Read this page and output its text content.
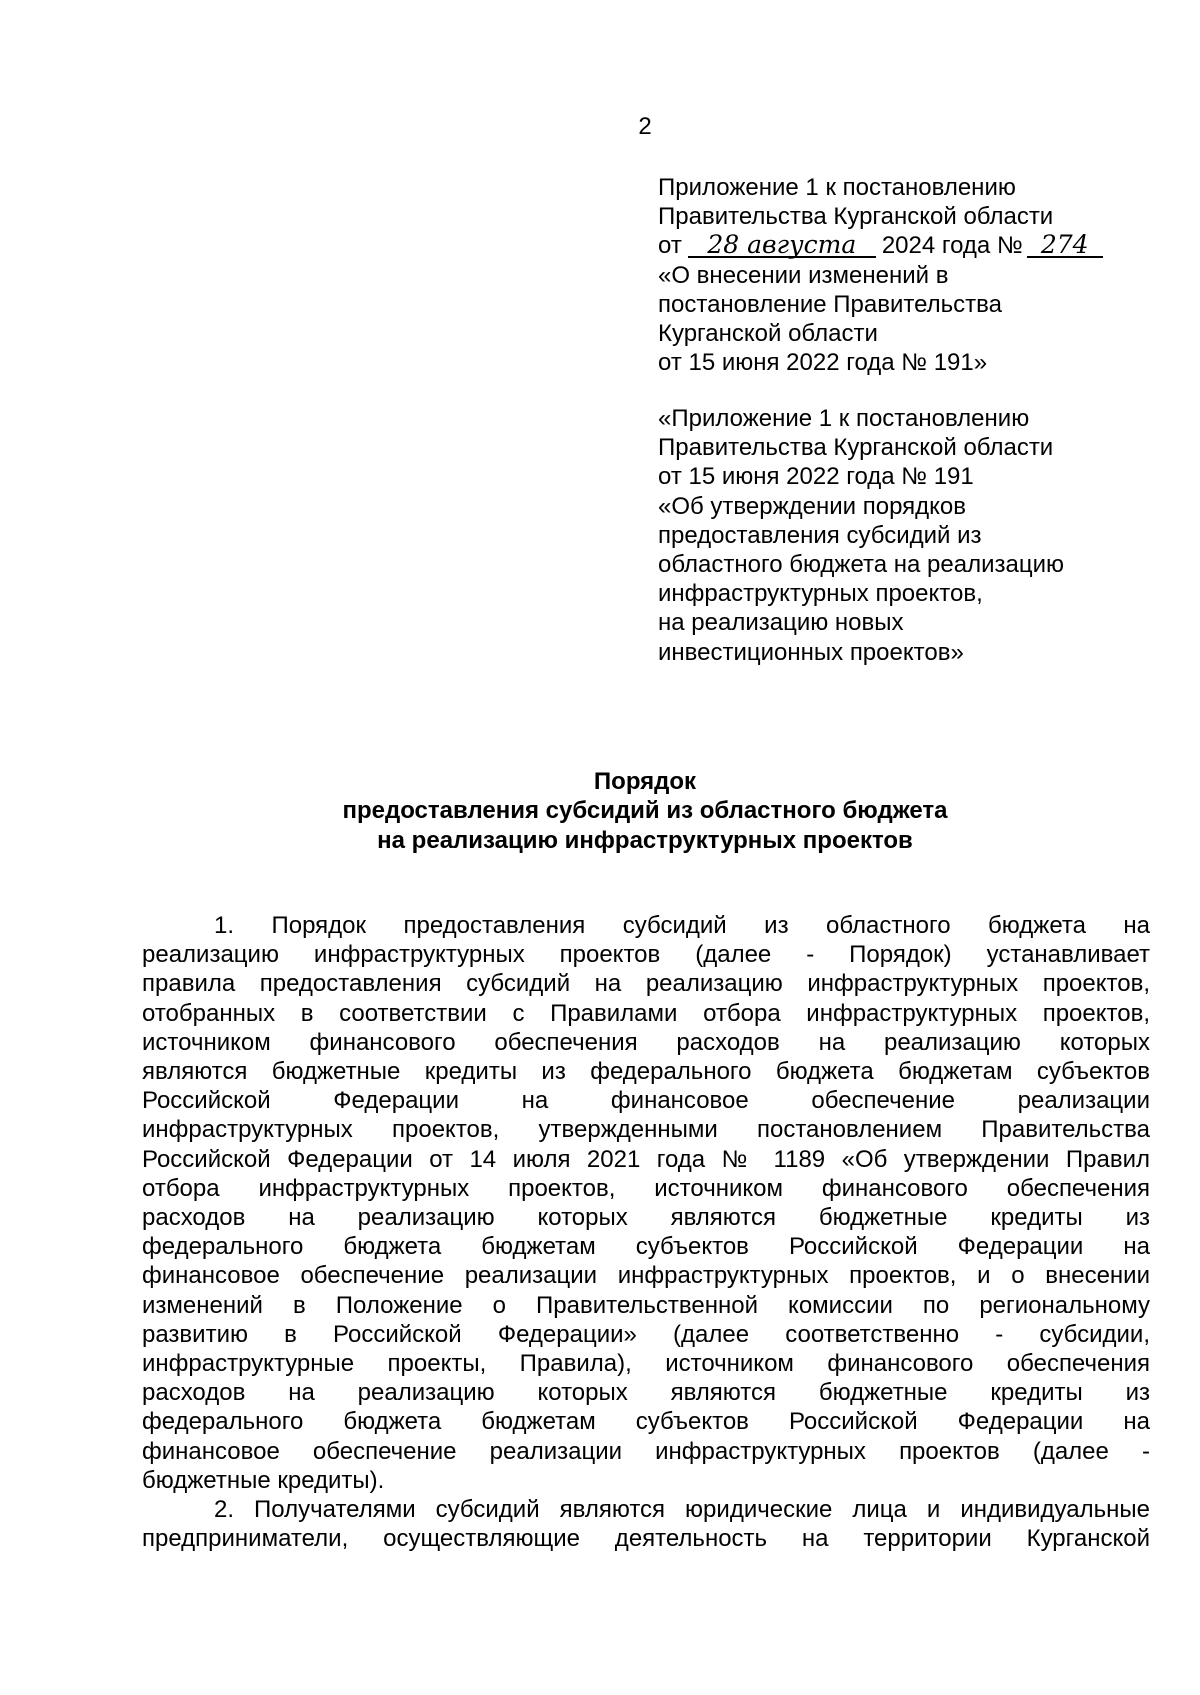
2
Приложение 1 к постановлению
Правительства Курганской области
от 28 августа 2024 года № 274
«О внесении изменений в
постановление Правительства
Курганской области
от 15 июня 2022 года № 191»
«Приложение 1 к постановлению
Правительства Курганской области
от 15 июня 2022 года № 191
«Об утверждении порядков
предоставления субсидий из
областного бюджета на реализацию
инфраструктурных проектов,
на реализацию новых
инвестиционных проектов»
Порядок
предоставления субсидий из областного бюджета
на реализацию инфраструктурных проектов
1. Порядок предоставления субсидий из областного бюджета на
реализацию инфраструктурных проектов (далее - Порядок) устанавливает
правила предоставления субсидий на реализацию инфраструктурных проектов,
отобранных в соответствии с Правилами отбора инфраструктурных проектов,
источником финансового обеспечения расходов на реализацию которых
являются бюджетные кредиты из федерального бюджета бюджетам субъектов
Российской Федерации на финансовое обеспечение реализации
инфраструктурных проектов, утвержденными постановлением Правительства
Российской Федерации от 14 июля 2021 года № 1189 «Об утверждении Правил
отбора инфраструктурных проектов, источником финансового обеспечения
расходов на реализацию которых являются бюджетные кредиты из
федерального бюджета бюджетам субъектов Российской Федерации на
финансовое обеспечение реализации инфраструктурных проектов, и о внесении
изменений в Положение о Правительственной комиссии по региональному
развитию в Российской Федерации» (далее соответственно - субсидии,
инфраструктурные проекты, Правила), источником финансового обеспечения
расходов на реализацию которых являются бюджетные кредиты из
федерального бюджета бюджетам субъектов Российской Федерации на
финансовое обеспечение реализации инфраструктурных проектов (далее -
бюджетные кредиты).
2. Получателями субсидий являются юридические лица и индивидуальные
предприниматели, осуществляющие деятельность на территории Курганской
